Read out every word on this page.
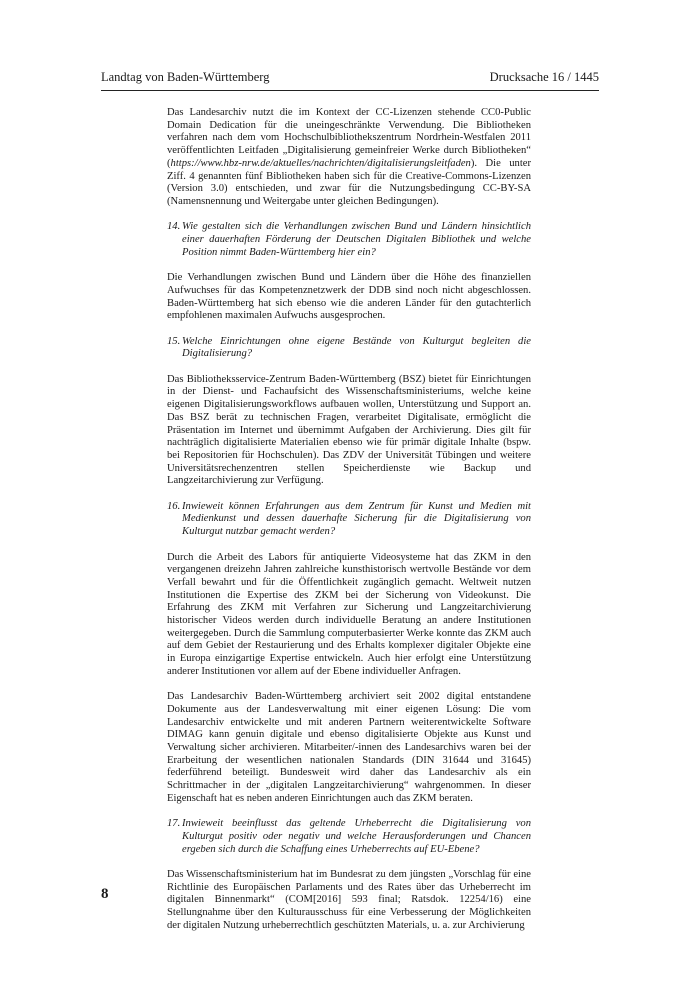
Landtag von Baden-Württemberg	Drucksache 16 / 1445

Das Landesarchiv nutzt die im Kontext der CC-Lizenzen stehende CC0-Public Domain Dedication für die uneingeschränkte Verwendung. Die Bibliotheken verfahren nach dem vom Hochschulbibliothekszentrum Nordrhein-Westfalen 2011 veröffentlichten Leitfaden „Digitalisierung gemeinfreier Werke durch Bibliotheken“ (https://www.hbz-nrw.de/aktuelles/nachrichten/digitalisierungsleitfaden). Die unter Ziff. 4 genannten fünf Bibliotheken haben sich für die Creative-Commons-Lizenzen (Version 3.0) entschieden, und zwar für die Nutzungsbedingung CC-BY-SA (Namensnennung und Weitergabe unter gleichen Bedingungen).

14. Wie gestalten sich die Verhandlungen zwischen Bund und Ländern hinsichtlich einer dauerhaften Förderung der Deutschen Digitalen Bibliothek und welche Position nimmt Baden-Württemberg hier ein?

Die Verhandlungen zwischen Bund und Ländern über die Höhe des finanziellen Aufwuchses für das Kompetenznetzwerk der DDB sind noch nicht abgeschlossen. Baden-Württemberg hat sich ebenso wie die anderen Länder für den gutachterlich empfohlenen maximalen Aufwuchs ausgesprochen.

15. Welche Einrichtungen ohne eigene Bestände von Kulturgut begleiten die Digitalisierung?

Das Bibliotheksservice-Zentrum Baden-Württemberg (BSZ) bietet für Einrichtungen in der Dienst- und Fachaufsicht des Wissenschaftsministeriums, welche keine eigenen Digitalisierungsworkflows aufbauen wollen, Unterstützung und Support an. Das BSZ berät zu technischen Fragen, verarbeitet Digitalisate, ermöglicht die Präsentation im Internet und übernimmt Aufgaben der Archivierung. Dies gilt für nachträglich digitalisierte Materialien ebenso wie für primär digitale Inhalte (bspw. bei Repositorien für Hochschulen). Das ZDV der Universität Tübingen und weitere Universitätsrechenzentren stellen Speicherdienste wie Backup und Langzeitarchivierung zur Verfügung.

16. Inwieweit können Erfahrungen aus dem Zentrum für Kunst und Medien mit Medienkunst und dessen dauerhafte Sicherung für die Digitalisierung von Kulturgut nutzbar gemacht werden?

Durch die Arbeit des Labors für antiquierte Videosysteme hat das ZKM in den vergangenen dreizehn Jahren zahlreiche kunsthistorisch wertvolle Bestände vor dem Verfall bewahrt und für die Öffentlichkeit zugänglich gemacht. Weltweit nutzen Institutionen die Expertise des ZKM bei der Sicherung von Videokunst. Die Erfahrung des ZKM mit Verfahren zur Sicherung und Langzeitarchivierung historischer Videos werden durch individuelle Beratung an andere Institutionen weitergegeben. Durch die Sammlung computerbasierter Werke konnte das ZKM auch auf dem Gebiet der Restaurierung und des Erhalts komplexer digitaler Objekte eine in Europa einzigartige Expertise entwickeln. Auch hier erfolgt eine Unterstützung anderer Institutionen vor allem auf der Ebene individueller Anfragen.

Das Landesarchiv Baden-Württemberg archiviert seit 2002 digital entstandene Dokumente aus der Landesverwaltung mit einer eigenen Lösung: Die vom Landesarchiv entwickelte und mit anderen Partnern weiterentwickelte Software DIMAG kann genuin digitale und ebenso digitalisierte Objekte aus Kunst und Verwaltung sicher archivieren. Mitarbeiter/-innen des Landesarchivs waren bei der Erarbeitung der wesentlichen nationalen Standards (DIN 31644 und 31645) federführend beteiligt. Bundesweit wird daher das Landesarchiv als ein Schrittmacher in der „digitalen Langzeitarchivierung“ wahrgenommen. In dieser Eigenschaft hat es neben anderen Einrichtungen auch das ZKM beraten.

17. Inwieweit beeinflusst das geltende Urheberrecht die Digitalisierung von Kulturgut positiv oder negativ und welche Herausforderungen und Chancen ergeben sich durch die Schaffung eines Urheberrechts auf EU-Ebene?

Das Wissenschaftsministerium hat im Bundesrat zu dem jüngsten „Vorschlag für eine Richtlinie des Europäischen Parlaments und des Rates über das Urheberrecht im digitalen Binnenmarkt“ (COM[2016] 593 final; Ratsdok. 12254/16) eine Stellungnahme über den Kulturausschuss für eine Verbesserung der Möglichkeiten der digitalen Nutzung urheberrechtlich geschützten Materials, u. a. zur Archivierung

8
